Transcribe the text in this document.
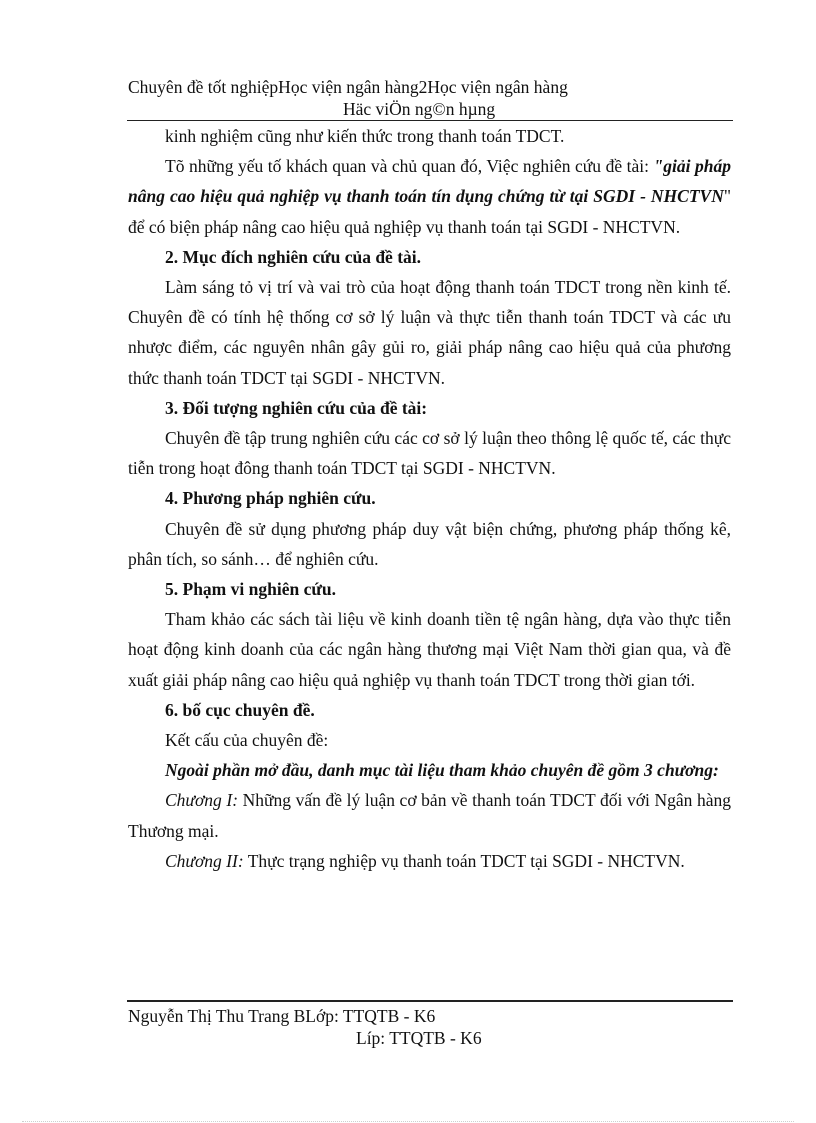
Chuyên đề tốt nghiệpHọc viện ngân hàng2Học viện ngân hàng
Häc viÖn ng©n hµng

kinh nghiệm cũng như kiến thức trong thanh toán TDCT.

Tõ những yếu tố khách quan và chủ quan đó, Việc nghiên cứu đề tài: "giải pháp nâng cao hiệu quả nghiệp vụ thanh toán tín dụng chứng từ tại SGDI - NHCTVN" để có biện pháp nâng cao hiệu quả nghiệp vụ thanh toán tại SGDI - NHCTVN.

2. Mục đích nghiên cứu của đề tài.

Làm sáng tỏ vị trí và vai trò của hoạt động thanh toán TDCT trong nền kinh tế. Chuyên đề có tính hệ thống cơ sở lý luận và thực tiễn thanh toán TDCT và các ưu nhược điểm, các nguyên nhân gây gủi ro, giải pháp nâng cao hiệu quả của phương thức thanh toán TDCT tại SGDI - NHCTVN.

3. Đối tượng nghiên cứu của đề tài:

Chuyên đề tập trung nghiên cứu các cơ sở lý luận theo thông lệ quốc tế, các thực tiễn trong hoạt đông thanh toán TDCT tại SGDI - NHCTVN.

4. Phương pháp nghiên cứu.

Chuyên đề sử dụng phương pháp duy vật biện chứng, phương pháp thống kê, phân tích, so sánh… để nghiên cứu.

5. Phạm vi nghiên cứu.

Tham khảo các sách tài liệu về kinh doanh tiền tệ ngân hàng, dựa vào thực tiễn hoạt động kinh doanh của các ngân hàng thương mại Việt Nam thời gian qua, và đề xuất giải pháp nâng cao hiệu quả nghiệp vụ thanh toán TDCT trong thời gian tới.

6. bố cục chuyên đề.

Kết cấu của chuyên đề:

Ngoài phần mở đầu, danh mục tài liệu tham khảo chuyên đề gồm 3 chương:

Chương I: Những vấn đề lý luận cơ bản về thanh toán TDCT đối với Ngân hàng Thương mại.

Chương II: Thực trạng nghiệp vụ thanh toán TDCT tại SGDI - NHCTVN.

Nguyễn Thị Thu Trang BLớp: TTQTB - K6
Líp: TTQTB - K6
